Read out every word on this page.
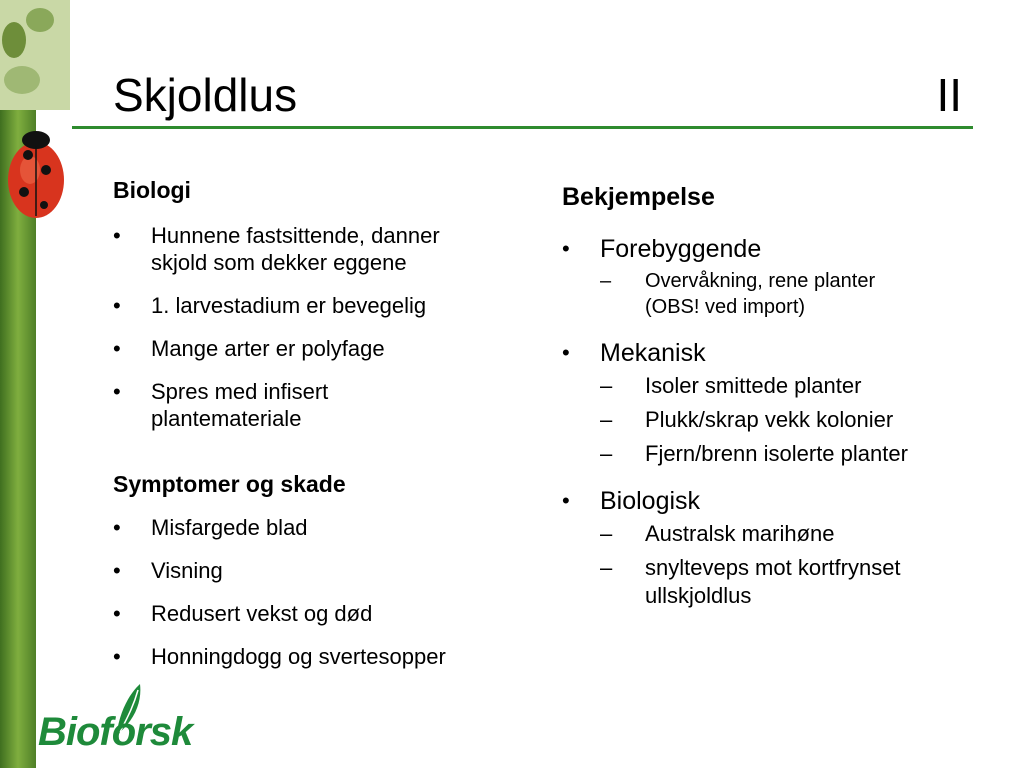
Skjoldlus	II
Biologi
• Hunnene fastsittende, danner
skjold som dekker eggene
• 1. larvestadium er bevegelig
• Mange arter er polyfage
• Spres med infisert
plantemateriale
Symptomer og skade
• Misfargede blad
• Visning
• Redusert vekst og død
• Honningdogg og svertesopper
Bekjempelse
• Forebyggende
– Overvåkning, rene planter
(OBS! ved import)
• Mekanisk
– Isoler smittede planter
– Plukk/skrap vekk kolonier
– Fjern/brenn isolerte planter
• Biologisk
– Australsk marihøne
– snylteveps mot kortfrynset
ullskjoldlus
Bioforsk
